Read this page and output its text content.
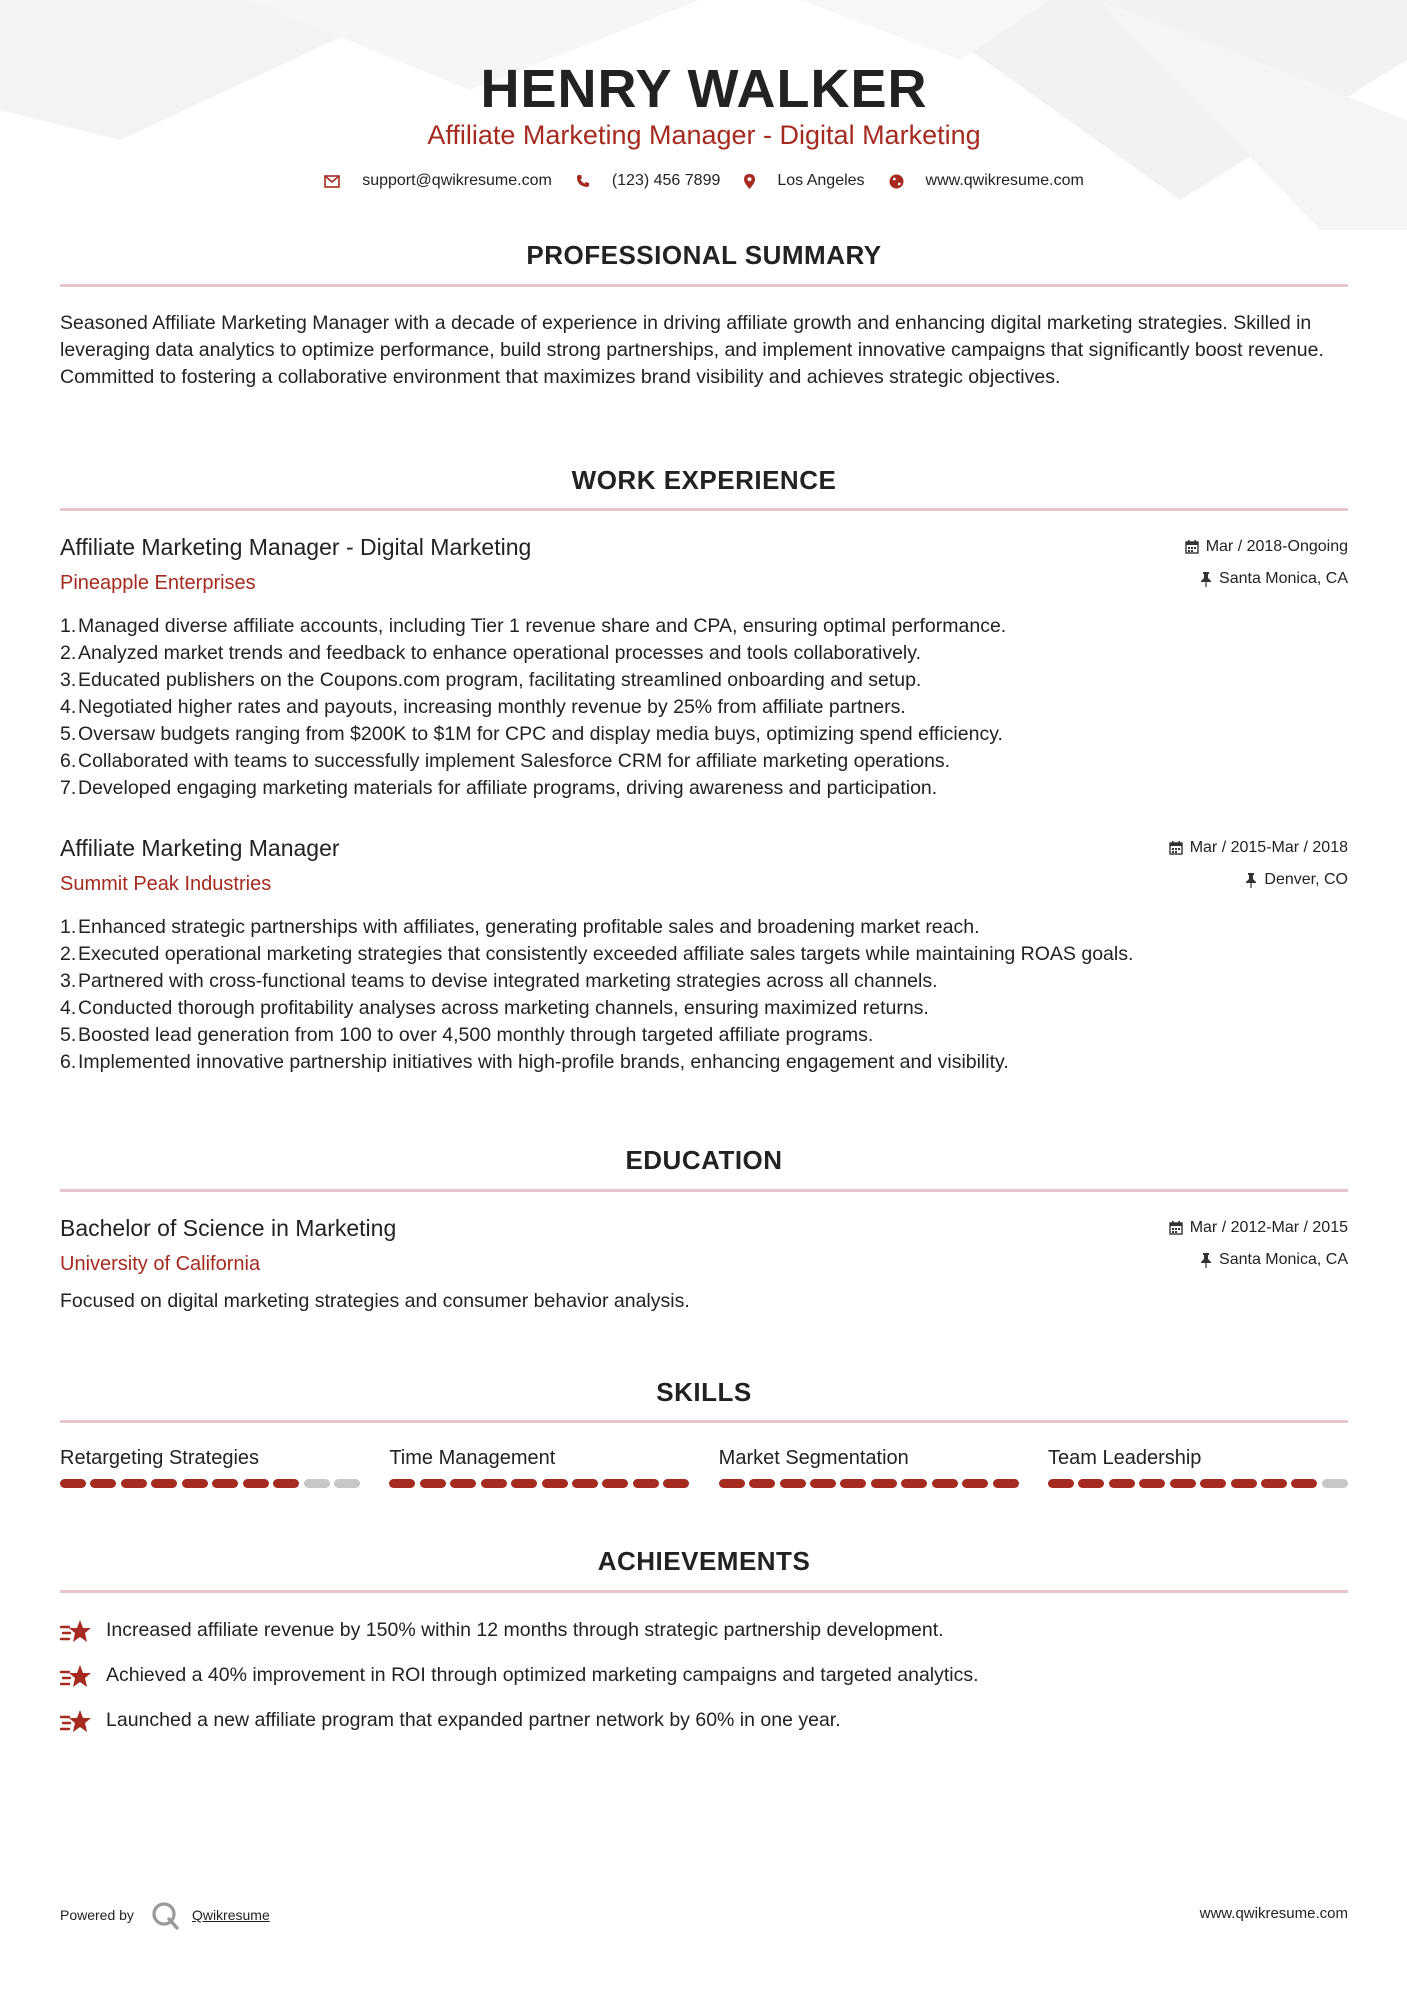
HENRY WALKER
Affiliate Marketing Manager - Digital Marketing
support@qwikresume.com	(123) 456 7899	Los Angeles	www.qwikresume.com
PROFESSIONAL SUMMARY
Seasoned Affiliate Marketing Manager with a decade of experience in driving affiliate growth and enhancing digital marketing strategies. Skilled in leveraging data analytics to optimize performance, build strong partnerships, and implement innovative campaigns that significantly boost revenue. Committed to fostering a collaborative environment that maximizes brand visibility and achieves strategic objectives.
WORK EXPERIENCE
Affiliate Marketing Manager - Digital Marketing
Pineapple Enterprises
Mar / 2018-Ongoing
Santa Monica, CA
1.
Managed diverse affiliate accounts, including Tier 1 revenue share and CPA, ensuring optimal performance.
2.
Analyzed market trends and feedback to enhance operational processes and tools collaboratively.
3.
Educated publishers on the Coupons.com program, facilitating streamlined onboarding and setup.
4.
Negotiated higher rates and payouts, increasing monthly revenue by 25% from affiliate partners.
5.
Oversaw budgets ranging from $200K to $1M for CPC and display media buys, optimizing spend efficiency.
6.
Collaborated with teams to successfully implement Salesforce CRM for affiliate marketing operations.
7.
Developed engaging marketing materials for affiliate programs, driving awareness and participation.
Affiliate Marketing Manager
Summit Peak Industries
Mar / 2015-Mar / 2018
Denver, CO
1.
Enhanced strategic partnerships with affiliates, generating profitable sales and broadening market reach.
2.
Executed operational marketing strategies that consistently exceeded affiliate sales targets while maintaining ROAS goals.
3.
Partnered with cross-functional teams to devise integrated marketing strategies across all channels.
4.
Conducted thorough profitability analyses across marketing channels, ensuring maximized returns.
5.
Boosted lead generation from 100 to over 4,500 monthly through targeted affiliate programs.
6.
Implemented innovative partnership initiatives with high-profile brands, enhancing engagement and visibility.
EDUCATION
Bachelor of Science in Marketing
University of California
Mar / 2012-Mar / 2015
Santa Monica, CA
Focused on digital marketing strategies and consumer behavior analysis.
SKILLS
Retargeting Strategies	Time Management	Market Segmentation	Team Leadership
ACHIEVEMENTS
Increased affiliate revenue by 150% within 12 months through strategic partnership development.
Achieved a 40% improvement in ROI through optimized marketing campaigns and targeted analytics.
Launched a new affiliate program that expanded partner network by 60% in one year.
Powered by	Qwikresume	www.qwikresume.com
